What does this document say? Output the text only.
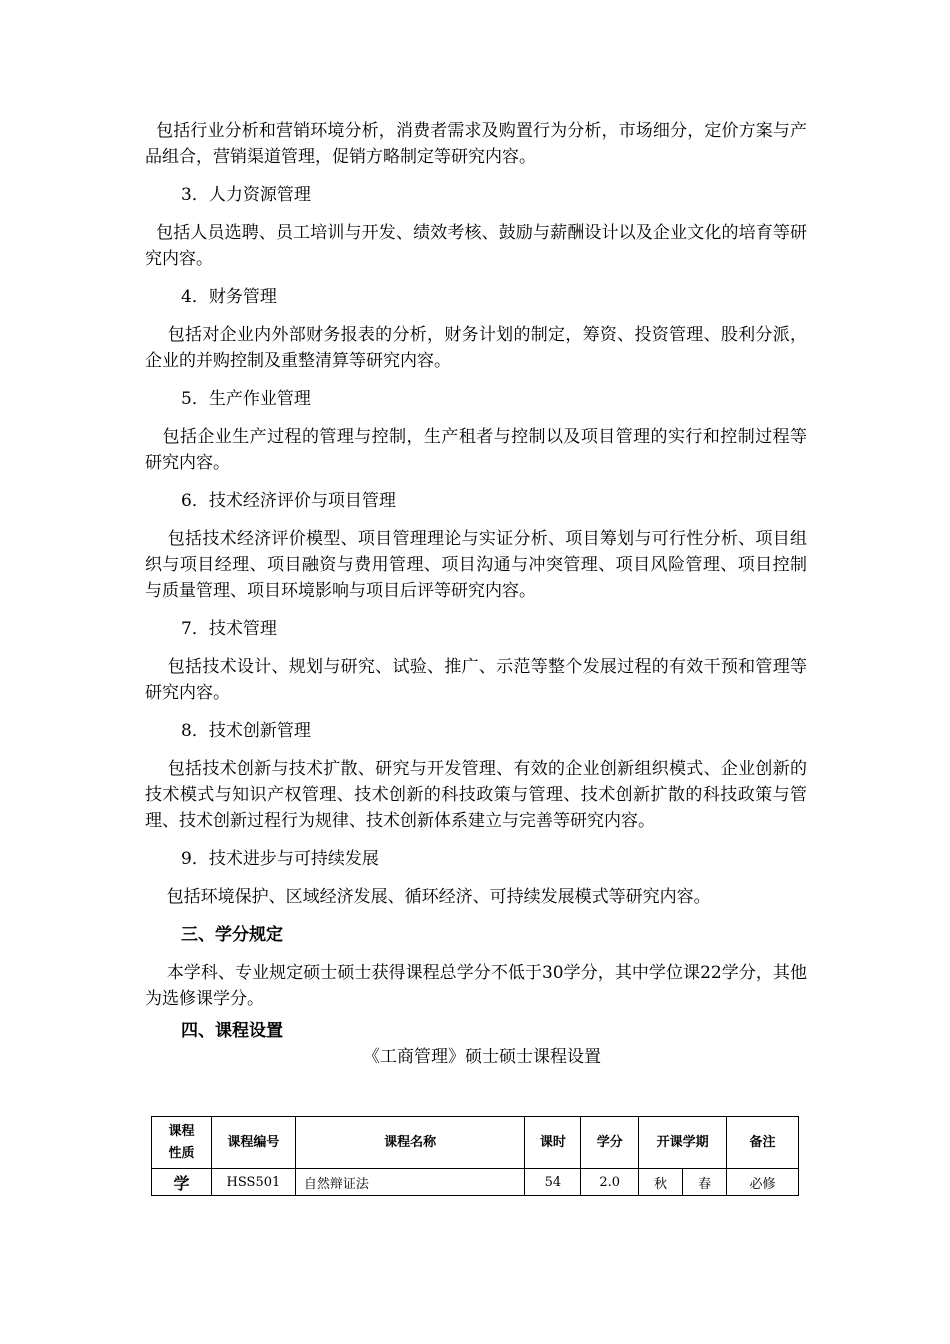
包括行业分析和营销环境分析，消费者需求及购置行为分析，市场细分，定价方案与产品组合，营销渠道管理，促销方略制定等研究内容。

3．人力资源管理

包括人员选聘、员工培训与开发、绩效考核、鼓励与薪酬设计以及企业文化的培育等研究内容。

4．财务管理

包括对企业内外部财务报表的分析，财务计划的制定，筹资、投资管理、股利分派，企业的并购控制及重整清算等研究内容。

5．生产作业管理

包括企业生产过程的管理与控制，生产租者与控制以及项目管理的实行和控制过程等研究内容。

6．技术经济评价与项目管理

包括技术经济评价模型、项目管理理论与实证分析、项目筹划与可行性分析、项目组织与项目经理、项目融资与费用管理、项目沟通与冲突管理、项目风险管理、项目控制与质量管理、项目环境影响与项目后评等研究内容。

7．技术管理

包括技术设计、规划与研究、试验、推广、示范等整个发展过程的有效干预和管理等研究内容。

8．技术创新管理

包括技术创新与技术扩散、研究与开发管理、有效的企业创新组织模式、企业创新的技术模式与知识产权管理、技术创新的科技政策与管理、技术创新扩散的科技政策与管理、技术创新过程行为规律、技术创新体系建立与完善等研究内容。

9．技术进步与可持续发展

包括环境保护、区域经济发展、循环经济、可持续发展模式等研究内容。

三、学分规定

本学科、专业规定硕士硕士获得课程总学分不低于30学分，其中学位课22学分，其他为选修课学分。

四、课程设置

《工商管理》硕士硕士课程设置

课程性质	课程编号	课程名称	课时	学分	开课学期		备注
学	HSS501	自然辩证法	54	2.0	秋	春	必修
